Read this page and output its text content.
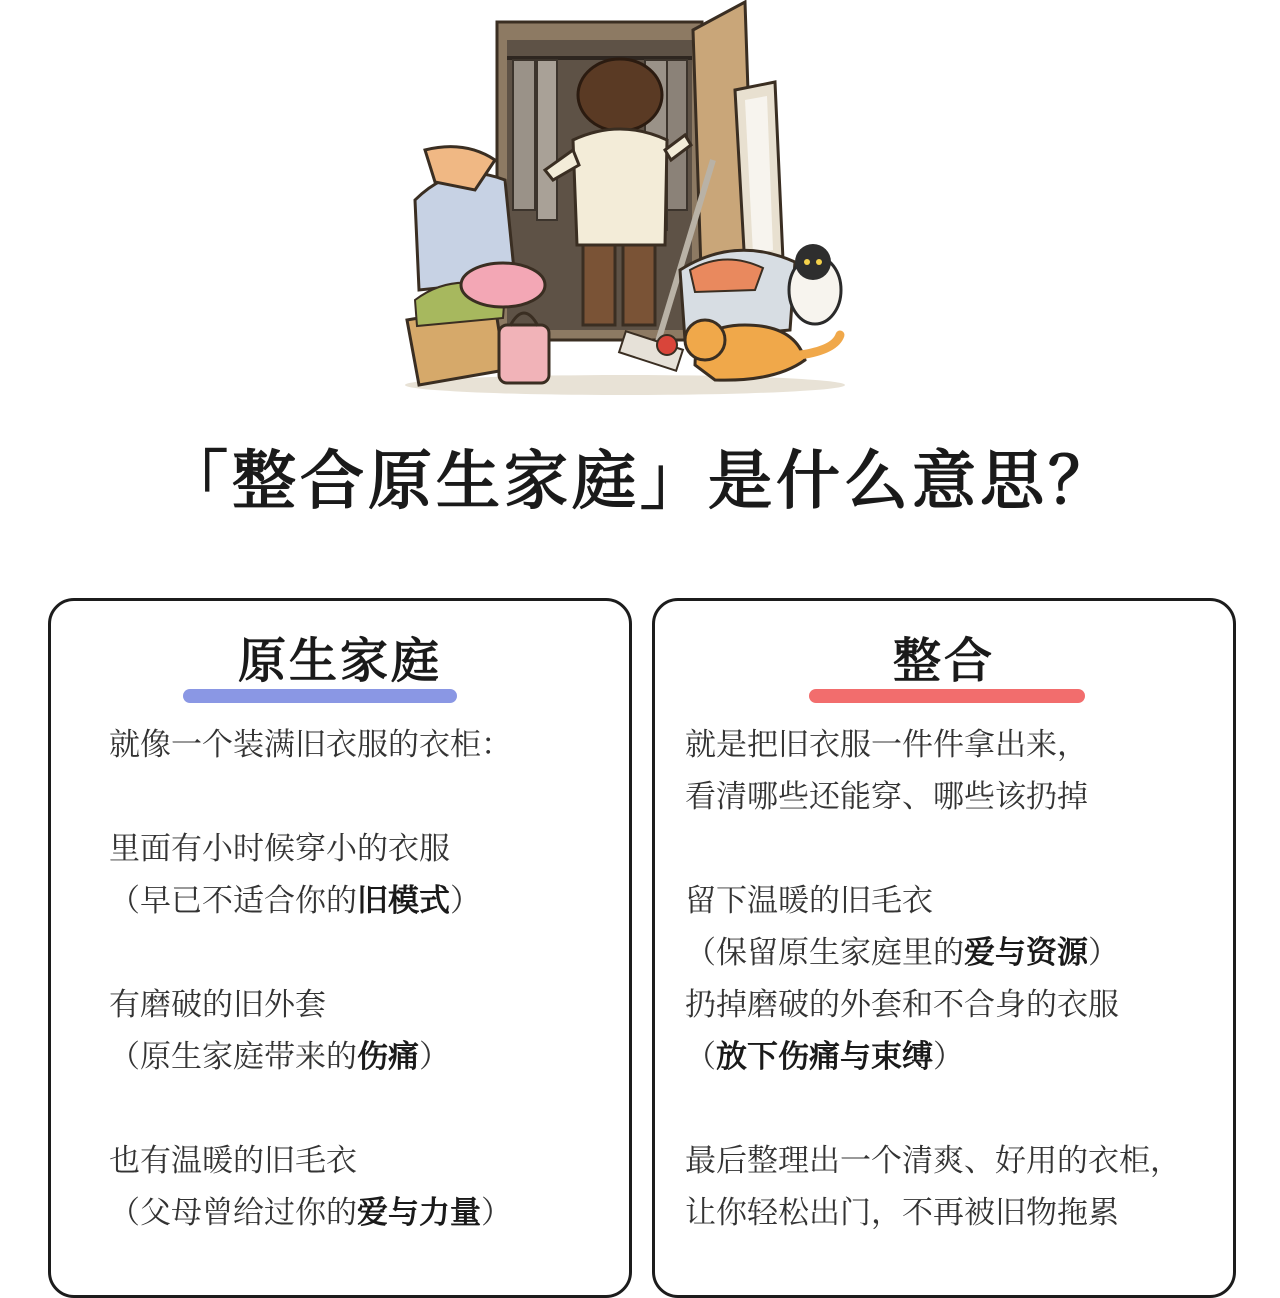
「整合原生家庭」是什么意思？
原生家庭
就像一个装满旧衣服的衣柜：
里面有小时候穿小的衣服
（早已不适合你的旧模式）
有磨破的旧外套
（原生家庭带来的伤痛）
也有温暖的旧毛衣
（父母曾给过你的爱与力量）
整合
就是把旧衣服一件件拿出来，
看清哪些还能穿、哪些该扔掉
留下温暖的旧毛衣
（保留原生家庭里的爱与资源）
扔掉磨破的外套和不合身的衣服
（放下伤痛与束缚）
最后整理出一个清爽、好用的衣柜，
让你轻松出门，不再被旧物拖累
